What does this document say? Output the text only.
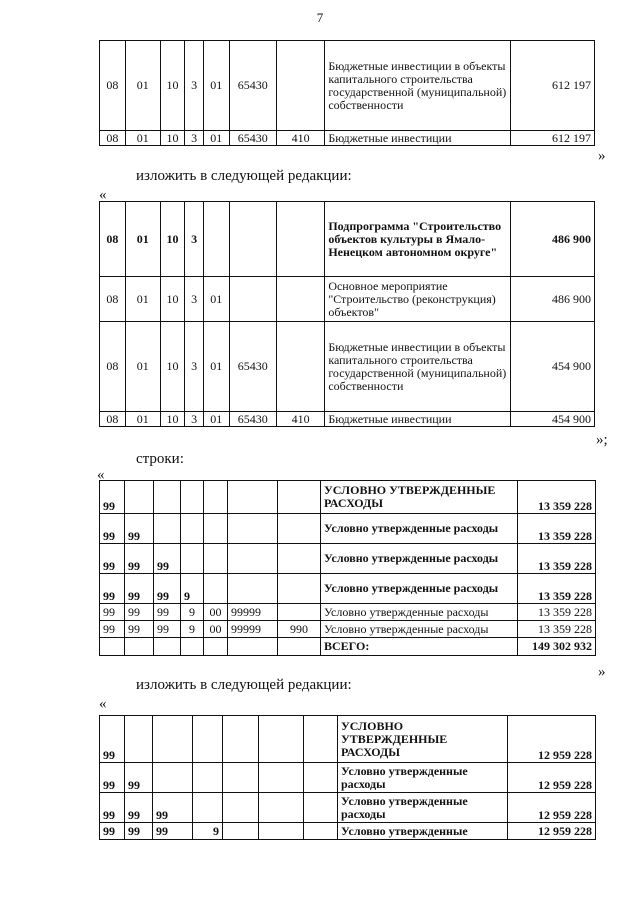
7
08	01	10	3	01	65430		Бюджетные инвестиции в объекты капитального строительства государственной (муниципальной) собственности	612 197
08	01	10	3	01	65430	410	Бюджетные инвестиции	612 197
»
изложить в следующей редакции:
«
08	01	10	3				Подпрограмма "Строительство объектов культуры в Ямало-Ненецком автономном округе"	486 900
08	01	10	3	01			Основное мероприятие "Строительство (реконструкция) объектов"	486 900
08	01	10	3	01	65430		Бюджетные инвестиции в объекты капитального строительства государственной (муниципальной) собственности	454 900
08	01	10	3	01	65430	410	Бюджетные инвестиции	454 900
»;
строки:
«
99							УСЛОВНО УТВЕРЖДЕННЫЕ РАСХОДЫ	13 359 228
99	99						Условно утвержденные расходы	13 359 228
99	99	99					Условно утвержденные расходы	13 359 228
99	99	99	9				Условно утвержденные расходы	13 359 228
99	99	99	9	00	99999		Условно утвержденные расходы	13 359 228
99	99	99	9	00	99999	990	Условно утвержденные расходы	13 359 228
							ВСЕГО:	149 302 932
»
изложить в следующей редакции:
«
99							УСЛОВНО УТВЕРЖДЕННЫЕ РАСХОДЫ	12 959 228
99	99						Условно утвержденные расходы	12 959 228
99	99	99					Условно утвержденные расходы	12 959 228
99	99	99	9				Условно утвержденные	12 959 228
